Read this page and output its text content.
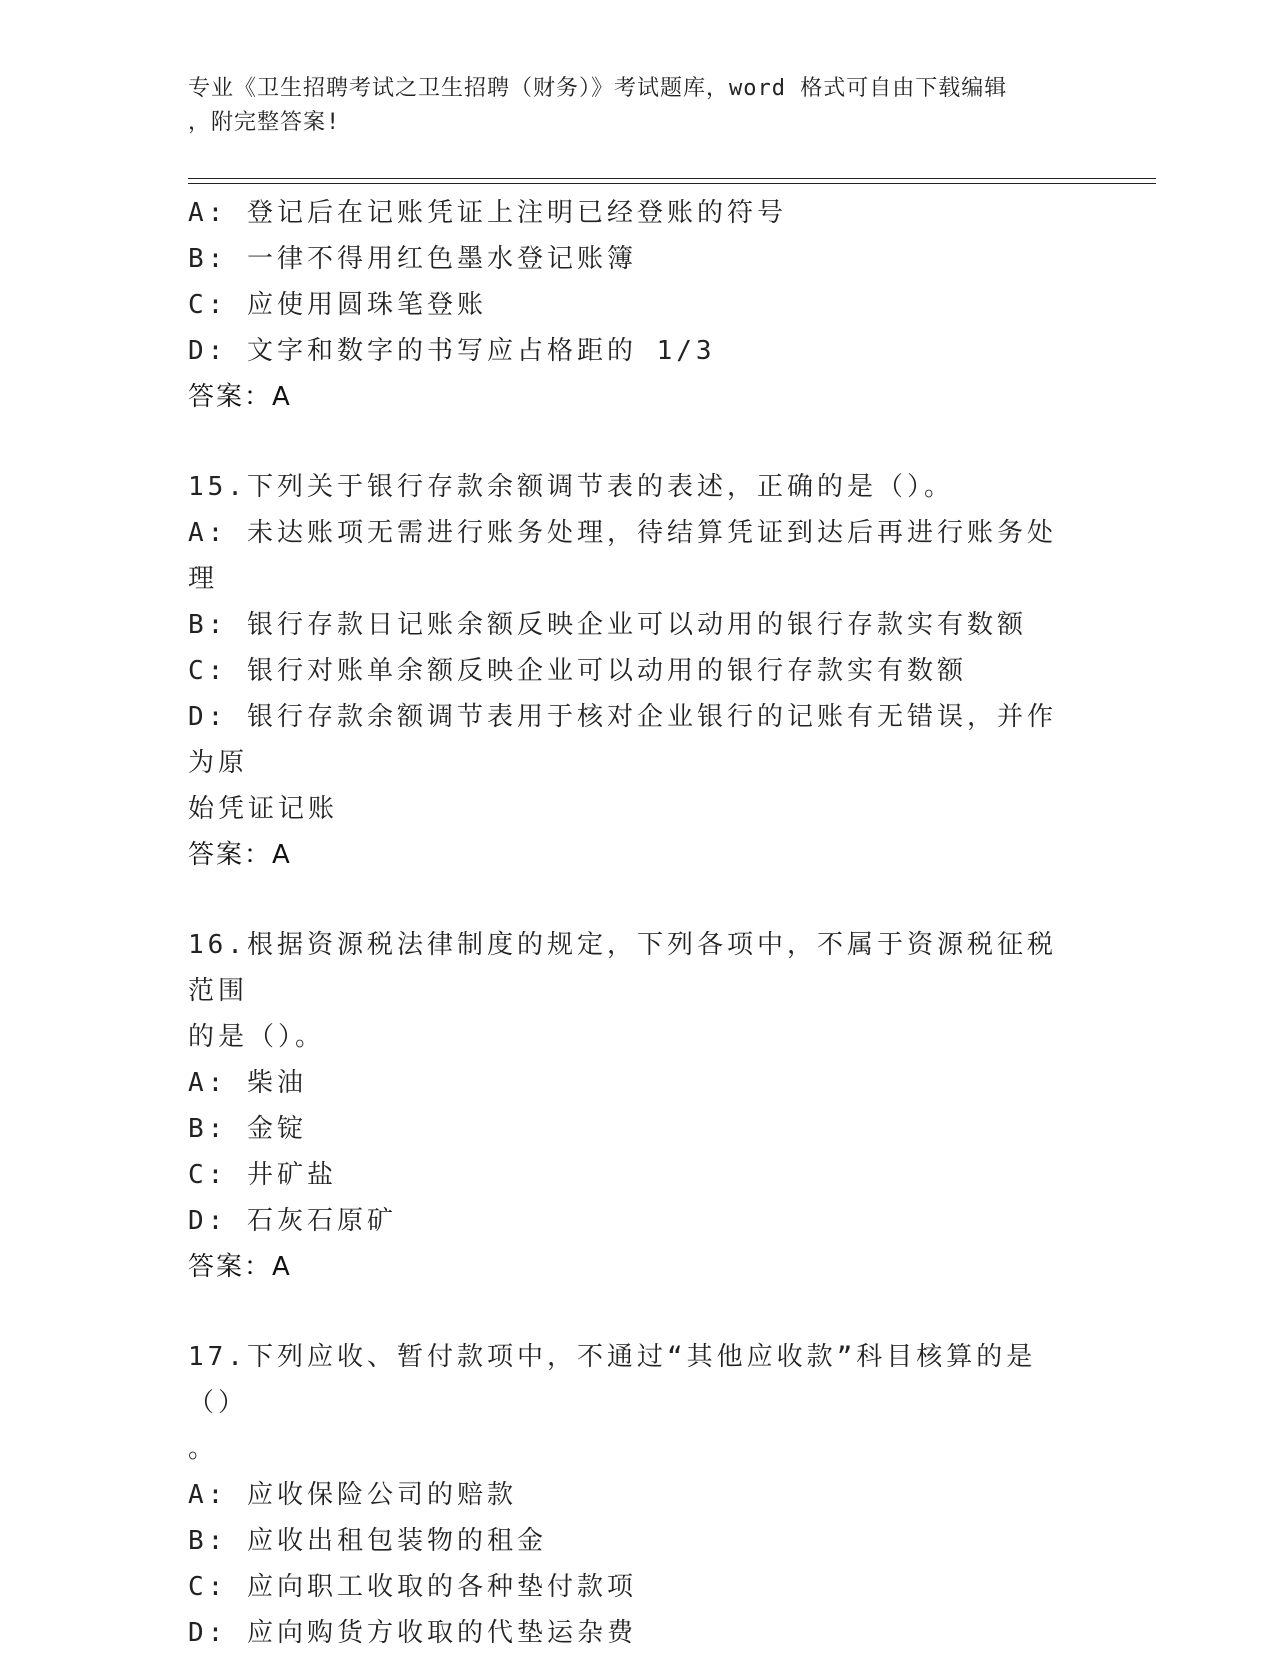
专业《卫生招聘考试之卫生招聘（财务）》考试题库，word 格式可自由下载编辑
，附完整答案!
A: 登记后在记账凭证上注明已经登账的符号
B: 一律不得用红色墨水登记账簿
C: 应使用圆珠笔登账
D: 文字和数字的书写应占格距的 1/3
答案：A
15.下列关于银行存款余额调节表的表述，正确的是（）。
A: 未达账项无需进行账务处理，待结算凭证到达后再进行账务处理
B: 银行存款日记账余额反映企业可以动用的银行存款实有数额
C: 银行对账单余额反映企业可以动用的银行存款实有数额
D: 银行存款余额调节表用于核对企业银行的记账有无错误，并作为原
始凭证记账
答案：A
16.根据资源税法律制度的规定，下列各项中，不属于资源税征税范围
的是（）。
A: 柴油
B: 金锭
C: 井矿盐
D: 石灰石原矿
答案：A
17.下列应收、暂付款项中，不通过“其他应收款”科目核算的是（）
。
A: 应收保险公司的赔款
B: 应收出租包装物的租金
C: 应向职工收取的各种垫付款项
D: 应向购货方收取的代垫运杂费
